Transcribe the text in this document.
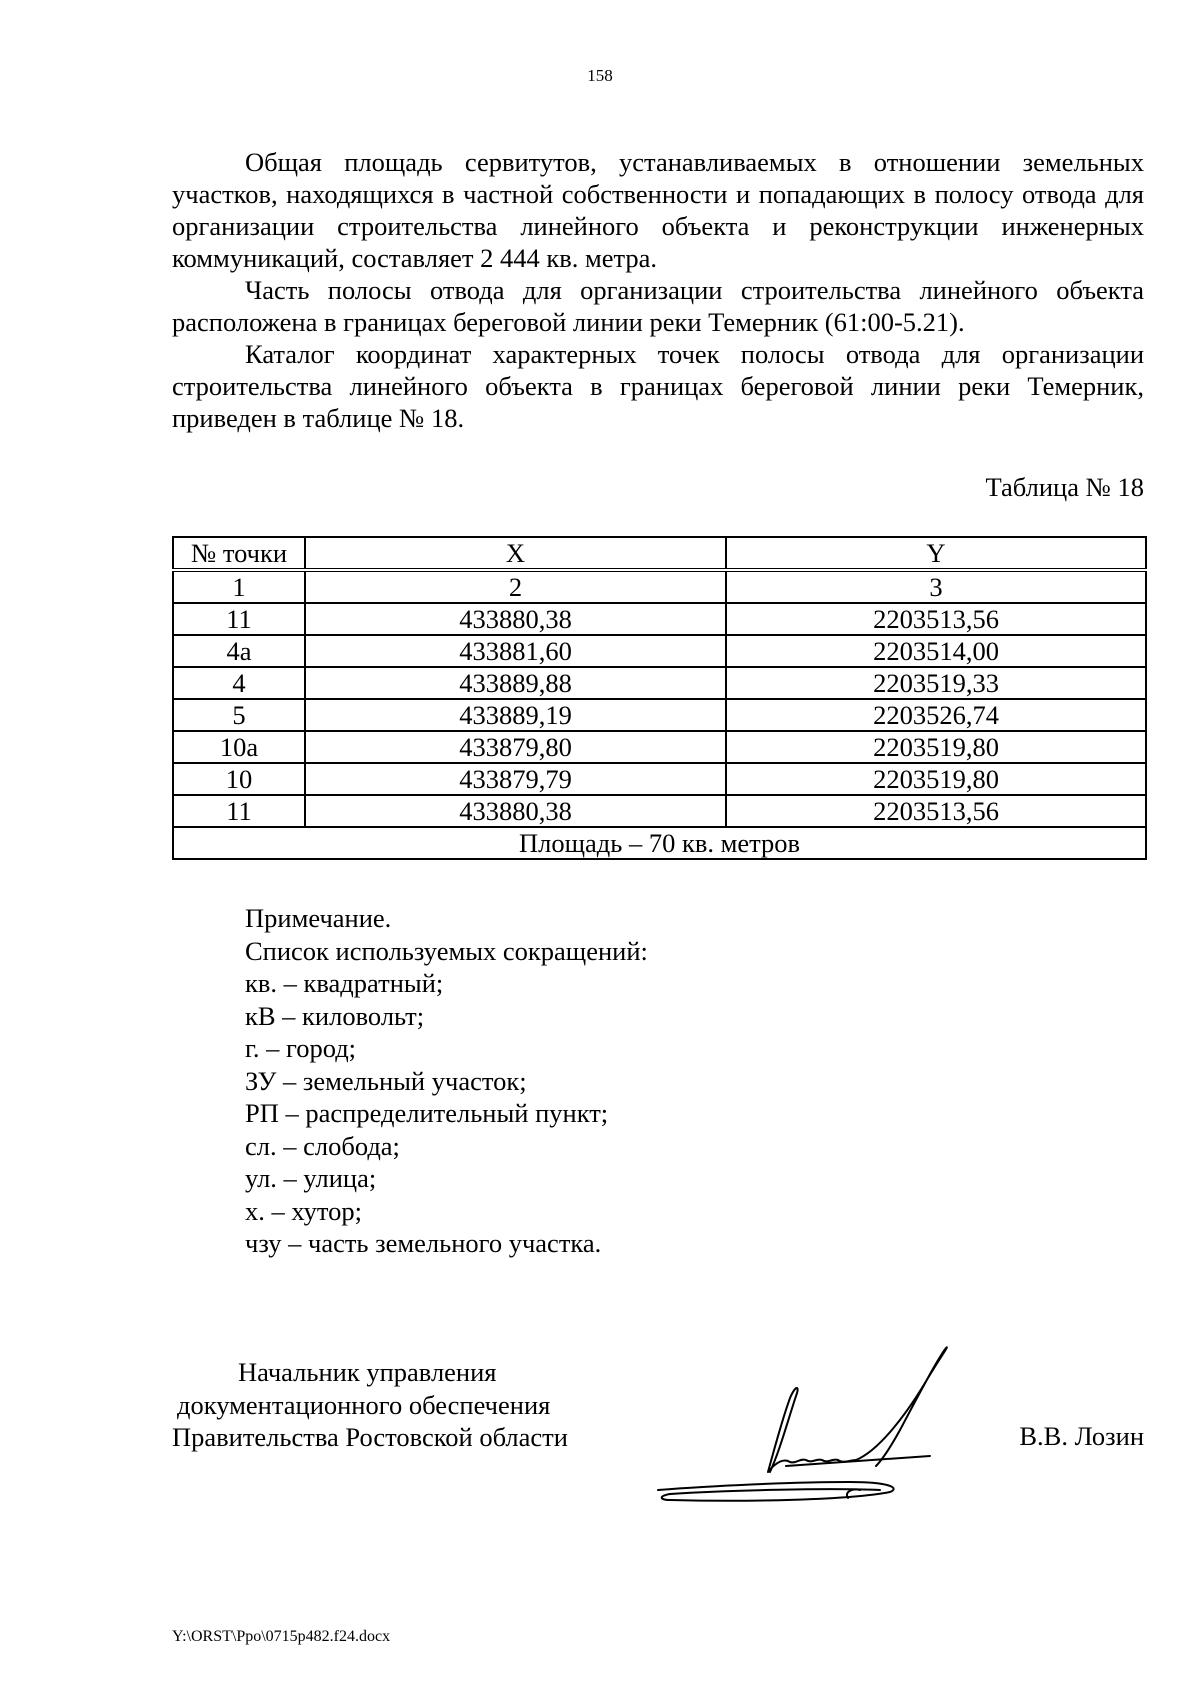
158

Общая площадь сервитутов, устанавливаемых в отношении земельных участков, находящихся в частной собственности и попадающих в полосу отвода для организации строительства линейного объекта и реконструкции инженерных коммуникаций, составляет 2 444 кв. метра.

Часть полосы отвода для организации строительства линейного объекта расположена в границах береговой линии реки Темерник (61:00-5.21).

Каталог координат характерных точек полосы отвода для организации строительства линейного объекта в границах береговой линии реки Темерник, приведен в таблице № 18.

Таблица № 18
№ точки	X	Y
1	2	3
11	433880,38	2203513,56
4а	433881,60	2203514,00
4	433889,88	2203519,33
5	433889,19	2203526,74
10а	433879,80	2203519,80
10	433879,79	2203519,80
11	433880,38	2203513,56
Площадь – 70 кв. метров		
Примечание.
Список используемых сокращений:
кв. – квадратный;
кВ – киловольт;
г. – город;
ЗУ – земельный участок;
РП – распределительный пункт;
сл. – слобода;
ул. – улица;
х. – хутор;
чзу – часть земельного участка.
Начальник управления
документационного обеспечения
Правительства Ростовской области	В.В. Лозин
Y:\ORST\Ppo\0715p482.f24.docx
